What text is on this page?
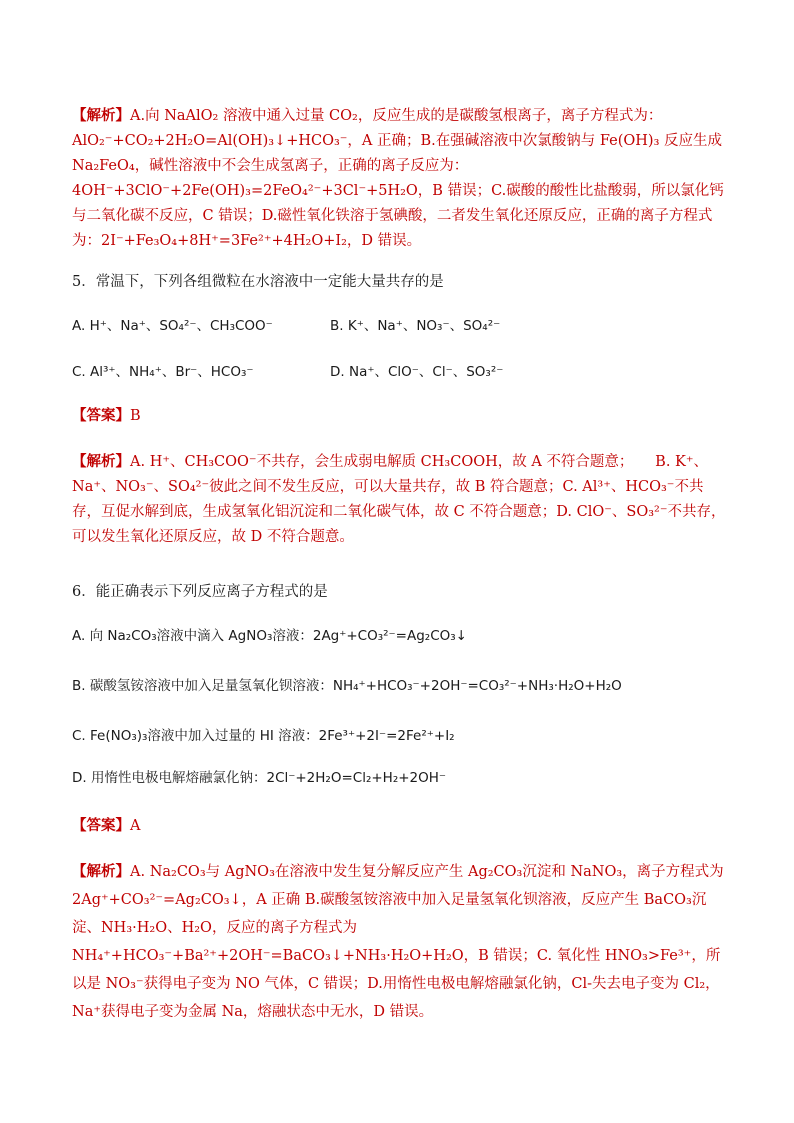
【解析】A.向 NaAlO₂ 溶液中通入过量 CO₂，反应生成的是碳酸氢根离子，离子方程式为：AlO₂⁻+CO₂+2H₂O=Al(OH)₃↓+HCO₃⁻，A 正确；B.在强碱溶液中次氯酸钠与 Fe(OH)₃ 反应生成 Na₂FeO₄，碱性溶液中不会生成氢离子，正确的离子反应为：4OH⁻+3ClO⁻+2Fe(OH)₃=2FeO₄²⁻+3Cl⁻+5H₂O，B 错误；C.碳酸的酸性比盐酸弱，所以氯化钙与二氧化碳不反应，C 错误；D.磁性氧化铁溶于氢碘酸，二者发生氧化还原反应，正确的离子方程式为：2I⁻+Fe₃O₄+8H⁺=3Fe²⁺+4H₂O+I₂，D 错误。
5．常温下，下列各组微粒在水溶液中一定能大量共存的是
A. H⁺、Na⁺、SO₄²⁻、CH₃COO⁻	B. K⁺、Na⁺、NO₃⁻、SO₄²⁻
C. Al³⁺、NH₄⁺、Br⁻、HCO₃⁻	D. Na⁺、ClO⁻、Cl⁻、SO₃²⁻
【答案】B
【解析】A. H⁺、CH₃COO⁻不共存，会生成弱电解质 CH₃COOH，故 A 不符合题意；　　B. K⁺、Na⁺、NO₃⁻、SO₄²⁻彼此之间不发生反应，可以大量共存，故 B 符合题意；C. Al³⁺、HCO₃⁻不共存，互促水解到底，生成氢氧化铝沉淀和二氧化碳气体，故 C 不符合题意；D. ClO⁻、SO₃²⁻不共存，可以发生氧化还原反应，故 D 不符合题意。
6．能正确表示下列反应离子方程式的是
A. 向 Na₂CO₃溶液中滴入 AgNO₃溶液：2Ag⁺+CO₃²⁻=Ag₂CO₃↓
B. 碳酸氢铵溶液中加入足量氢氧化钡溶液：NH₄⁺+HCO₃⁻+2OH⁻=CO₃²⁻+NH₃·H₂O+H₂O
C. Fe(NO₃)₃溶液中加入过量的 HI 溶液：2Fe³⁺+2I⁻=2Fe²⁺+I₂
D. 用惰性电极电解熔融氯化钠：2Cl⁻+2H₂O=Cl₂+H₂+2OH⁻
【答案】A
【解析】A. Na₂CO₃与 AgNO₃在溶液中发生复分解反应产生 Ag₂CO₃沉淀和 NaNO₃，离子方程式为 2Ag⁺+CO₃²⁻=Ag₂CO₃↓，A 正确 B.碳酸氢铵溶液中加入足量氢氧化钡溶液，反应产生 BaCO₃沉淀、NH₃·H₂O、H₂O，反应的离子方程式为 NH₄⁺+HCO₃⁻+Ba²⁺+2OH⁻=BaCO₃↓+NH₃·H₂O+H₂O，B 错误；C. 氧化性 HNO₃>Fe³⁺，所以是 NO₃⁻获得电子变为 NO 气体，C 错误；D.用惰性电极电解熔融氯化钠，Cl-失去电子变为 Cl₂，Na⁺获得电子变为金属 Na，熔融状态中无水，D 错误。
